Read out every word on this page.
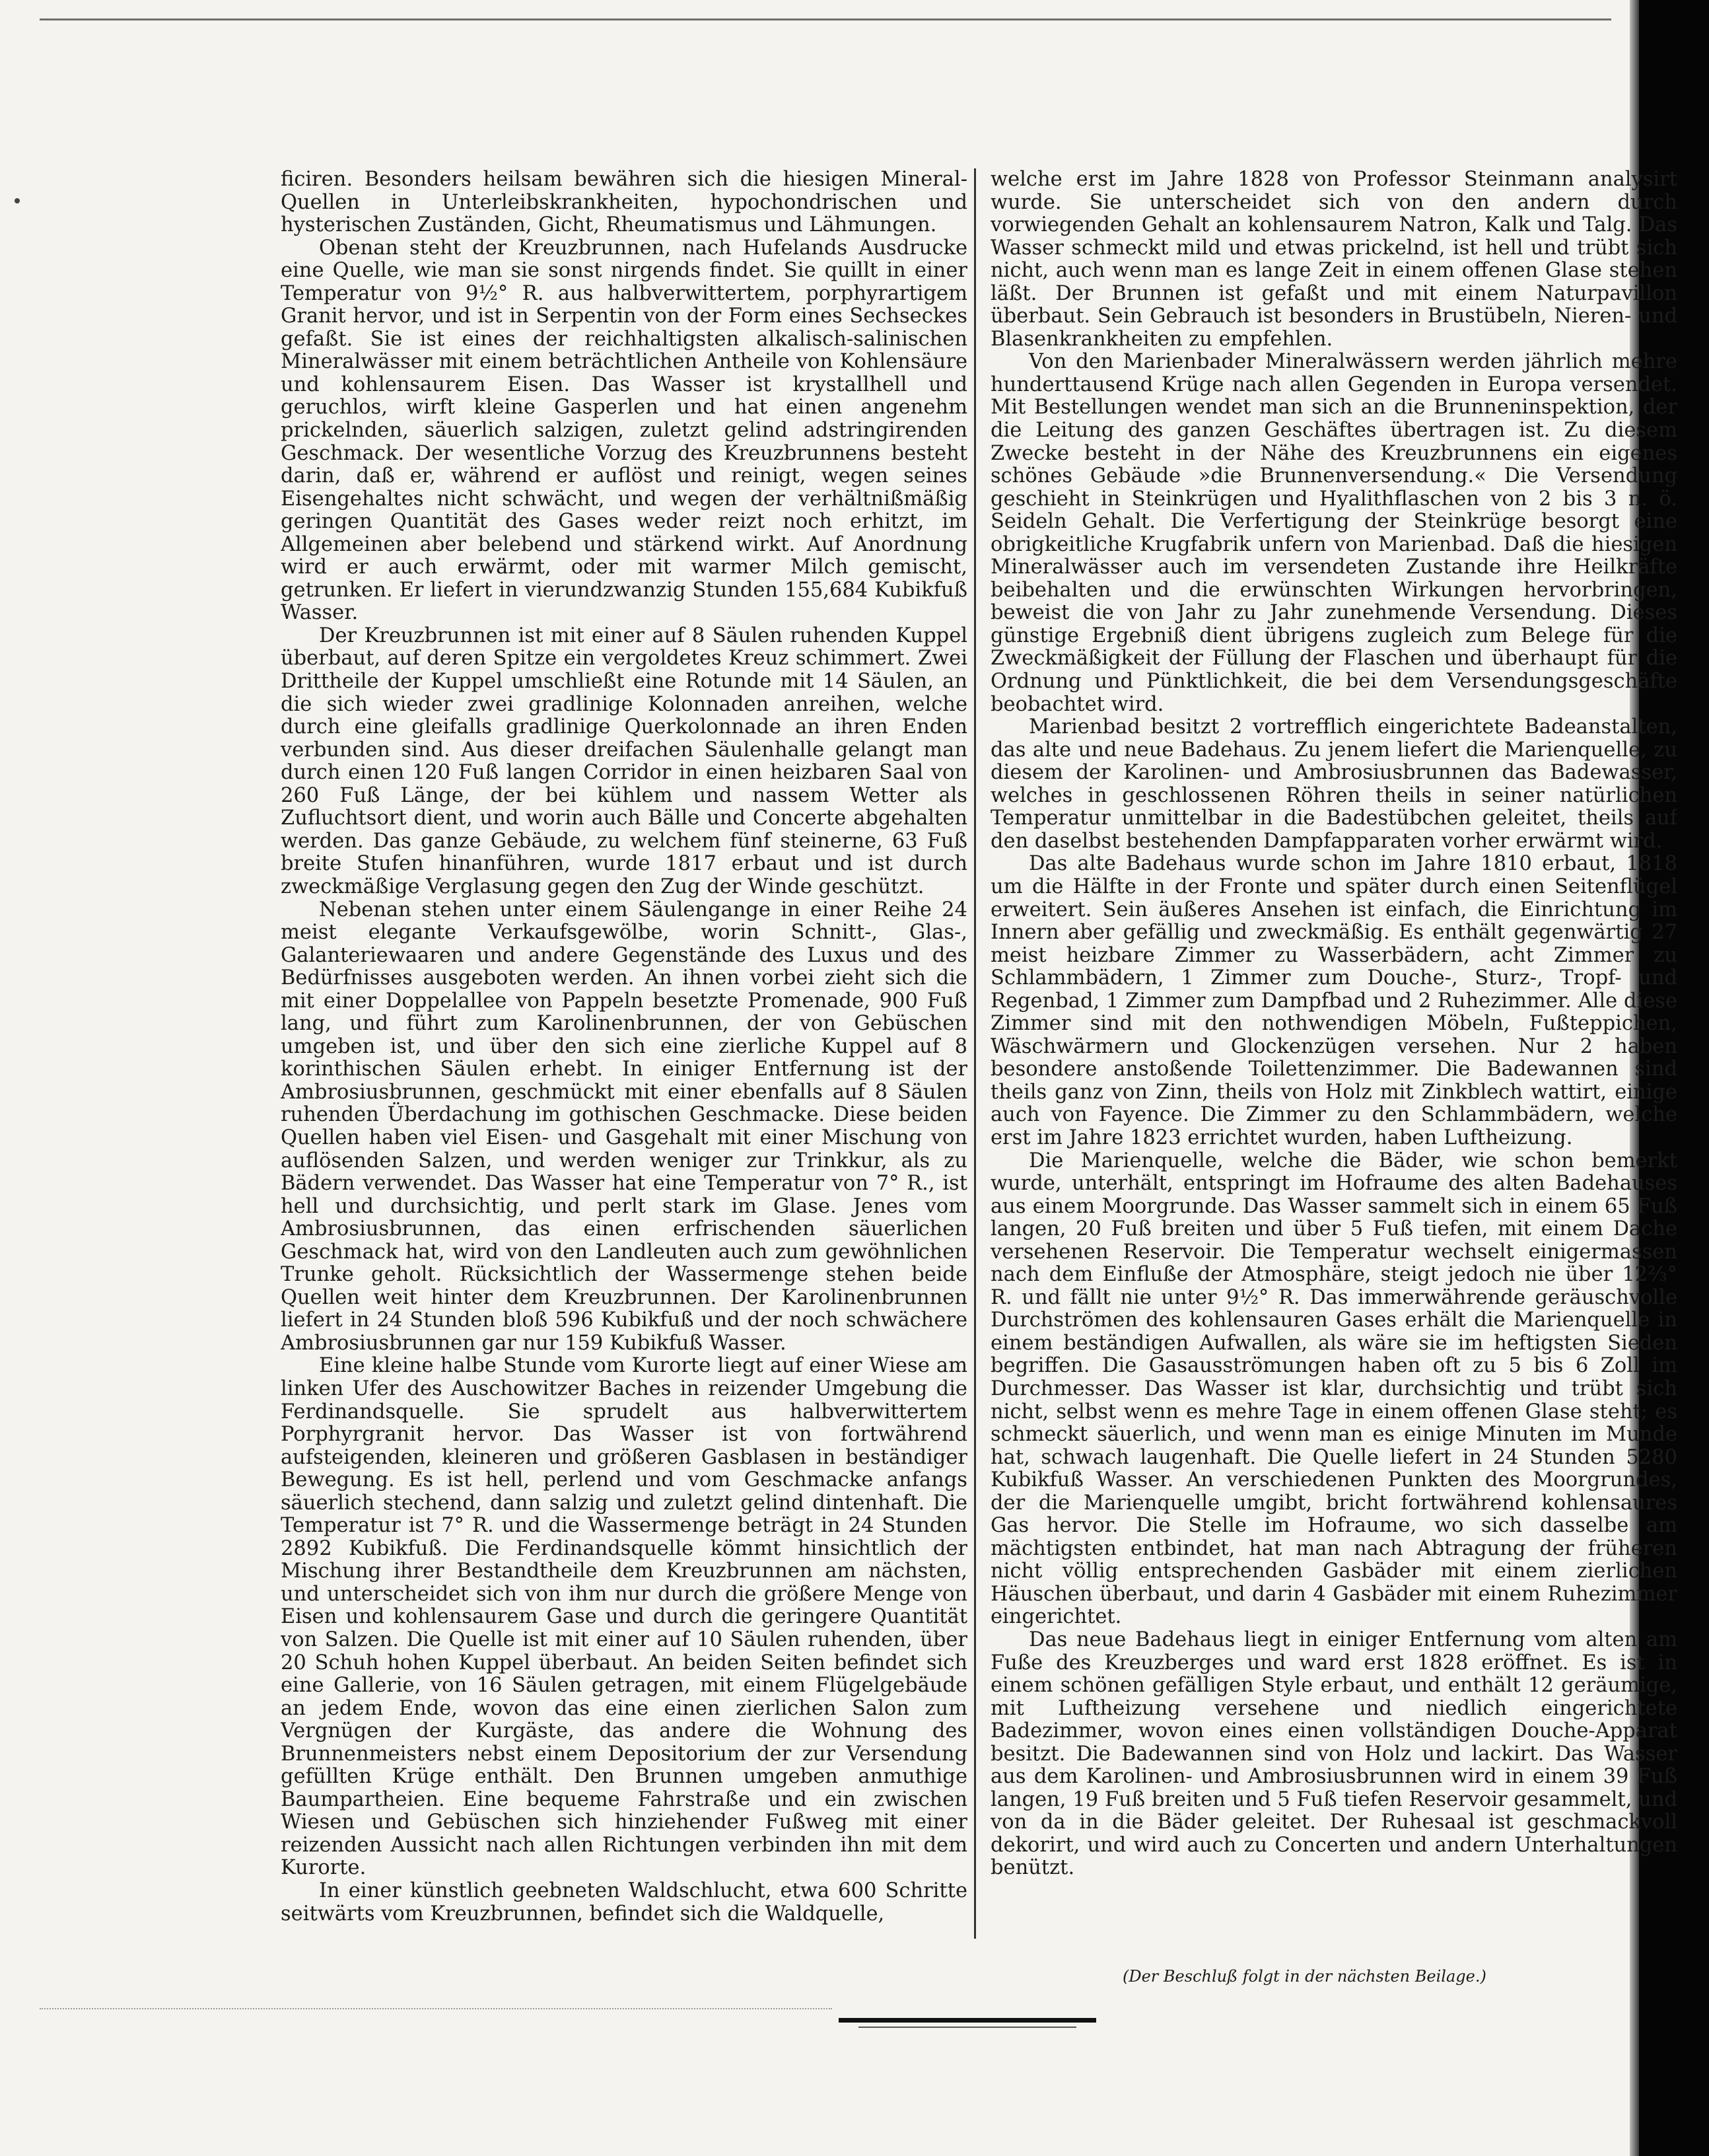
ficiren. Besonders heilsam bewähren sich die hiesigen Mineral-Quellen in Unterleibskrankheiten, hypochondrischen und hysterischen Zuständen, Gicht, Rheumatismus und Lähmungen.

Obenan steht der Kreuzbrunnen, nach Hufelands Ausdrucke eine Quelle, wie man sie sonst nirgends findet. Sie quillt in einer Temperatur von 9½° R. aus halbverwittertem, porphyrartigem Granit hervor, und ist in Serpentin von der Form eines Sechseckes gefaßt. Sie ist eines der reichhaltigsten alkalisch-salinischen Mineralwässer mit einem beträchtlichen Antheile von Kohlensäure und kohlensaurem Eisen. Das Wasser ist krystallhell und geruchlos, wirft kleine Gasperlen und hat einen angenehm prickelnden, säuerlich salzigen, zuletzt gelind adstringirenden Geschmack. Der wesentliche Vorzug des Kreuzbrunnens besteht darin, daß er, während er auflöst und reinigt, wegen seines Eisengehaltes nicht schwächt, und wegen der verhältnißmäßig geringen Quantität des Gases weder reizt noch erhitzt, im Allgemeinen aber belebend und stärkend wirkt. Auf Anordnung wird er auch erwärmt, oder mit warmer Milch gemischt, getrunken. Er liefert in vierundzwanzig Stunden 155,684 Kubikfuß Wasser.

Der Kreuzbrunnen ist mit einer auf 8 Säulen ruhenden Kuppel überbaut, auf deren Spitze ein vergoldetes Kreuz schimmert. Zwei Drittheile der Kuppel umschließt eine Rotunde mit 14 Säulen, an die sich wieder zwei gradlinige Kolonnaden anreihen, welche durch eine gleifalls gradlinige Querkolonnade an ihren Enden verbunden sind. Aus dieser dreifachen Säulenhalle gelangt man durch einen 120 Fuß langen Corridor in einen heizbaren Saal von 260 Fuß Länge, der bei kühlem und nassem Wetter als Zufluchtsort dient, und worin auch Bälle und Concerte abgehalten werden. Das ganze Gebäude, zu welchem fünf steinerne, 63 Fuß breite Stufen hinanführen, wurde 1817 erbaut und ist durch zweckmäßige Verglasung gegen den Zug der Winde geschützt.

Nebenan stehen unter einem Säulengange in einer Reihe 24 meist elegante Verkaufsgewölbe, worin Schnitt-, Glas-, Galanteriewaaren und andere Gegenstände des Luxus und des Bedürfnisses ausgeboten werden. An ihnen vorbei zieht sich die mit einer Doppelallee von Pappeln besetzte Promenade, 900 Fuß lang, und führt zum Karolinenbrunnen, der von Gebüschen umgeben ist, und über den sich eine zierliche Kuppel auf 8 korinthischen Säulen erhebt. In einiger Entfernung ist der Ambrosiusbrunnen, geschmückt mit einer ebenfalls auf 8 Säulen ruhenden Überdachung im gothischen Geschmacke. Diese beiden Quellen haben viel Eisen- und Gasgehalt mit einer Mischung von auflösenden Salzen, und werden weniger zur Trinkkur, als zu Bädern verwendet. Das Wasser hat eine Temperatur von 7° R., ist hell und durchsichtig, und perlt stark im Glase. Jenes vom Ambrosiusbrunnen, das einen erfrischenden säuerlichen Geschmack hat, wird von den Landleuten auch zum gewöhnlichen Trunke geholt. Rücksichtlich der Wassermenge stehen beide Quellen weit hinter dem Kreuzbrunnen. Der Karolinenbrunnen liefert in 24 Stunden bloß 596 Kubikfuß und der noch schwächere Ambrosiusbrunnen gar nur 159 Kubikfuß Wasser.

Eine kleine halbe Stunde vom Kurorte liegt auf einer Wiese am linken Ufer des Auschowitzer Baches in reizender Umgebung die Ferdinandsquelle. Sie sprudelt aus halbverwittertem Porphyrgranit hervor. Das Wasser ist von fortwährend aufsteigenden, kleineren und größeren Gasblasen in beständiger Bewegung. Es ist hell, perlend und vom Geschmacke anfangs säuerlich stechend, dann salzig und zuletzt gelind dintenhaft. Die Temperatur ist 7° R. und die Wassermenge beträgt in 24 Stunden 2892 Kubikfuß. Die Ferdinandsquelle kömmt hinsichtlich der Mischung ihrer Bestandtheile dem Kreuzbrunnen am nächsten, und unterscheidet sich von ihm nur durch die größere Menge von Eisen und kohlensaurem Gase und durch die geringere Quantität von Salzen. Die Quelle ist mit einer auf 10 Säulen ruhenden, über 20 Schuh hohen Kuppel überbaut. An beiden Seiten befindet sich eine Gallerie, von 16 Säulen getragen, mit einem Flügelgebäude an jedem Ende, wovon das eine einen zierlichen Salon zum Vergnügen der Kurgäste, das andere die Wohnung des Brunnenmeisters nebst einem Depositorium der zur Versendung gefüllten Krüge enthält. Den Brunnen umgeben anmuthige Baumpartheien. Eine bequeme Fahrstraße und ein zwischen Wiesen und Gebüschen sich hinziehender Fußweg mit einer reizenden Aussicht nach allen Richtungen verbinden ihn mit dem Kurorte.

In einer künstlich geebneten Waldschlucht, etwa 600 Schritte seitwärts vom Kreuzbrunnen, befindet sich die Waldquelle,

welche erst im Jahre 1828 von Professor Steinmann analysirt wurde. Sie unterscheidet sich von den andern durch vorwiegenden Gehalt an kohlensaurem Natron, Kalk und Talg. Das Wasser schmeckt mild und etwas prickelnd, ist hell und trübt sich nicht, auch wenn man es lange Zeit in einem offenen Glase stehen läßt. Der Brunnen ist gefaßt und mit einem Naturpavillon überbaut. Sein Gebrauch ist besonders in Brustübeln, Nieren- und Blasenkrankheiten zu empfehlen.

Von den Marienbader Mineralwässern werden jährlich mehre hunderttausend Krüge nach allen Gegenden in Europa versendet. Mit Bestellungen wendet man sich an die Brunneninspektion, der die Leitung des ganzen Geschäftes übertragen ist. Zu diesem Zwecke besteht in der Nähe des Kreuzbrunnens ein eigenes schönes Gebäude »die Brunnenversendung.« Die Versendung geschieht in Steinkrügen und Hyalithflaschen von 2 bis 3 n. ö. Seideln Gehalt. Die Verfertigung der Steinkrüge besorgt eine obrigkeitliche Krugfabrik unfern von Marienbad. Daß die hiesigen Mineralwässer auch im versendeten Zustande ihre Heilkräfte beibehalten und die erwünschten Wirkungen hervorbringen, beweist die von Jahr zu Jahr zunehmende Versendung. Dieses günstige Ergebniß dient übrigens zugleich zum Belege für die Zweckmäßigkeit der Füllung der Flaschen und überhaupt für die Ordnung und Pünktlichkeit, die bei dem Versendungsgeschäfte beobachtet wird.

Marienbad besitzt 2 vortrefflich eingerichtete Badeanstalten, das alte und neue Badehaus. Zu jenem liefert die Marienquelle, zu diesem der Karolinen- und Ambrosiusbrunnen das Badewasser, welches in geschlossenen Röhren theils in seiner natürlichen Temperatur unmittelbar in die Badestübchen geleitet, theils auf den daselbst bestehenden Dampfapparaten vorher erwärmt wird.

Das alte Badehaus wurde schon im Jahre 1810 erbaut, 1818 um die Hälfte in der Fronte und später durch einen Seitenflügel erweitert. Sein äußeres Ansehen ist einfach, die Einrichtung im Innern aber gefällig und zweckmäßig. Es enthält gegenwärtig 27 meist heizbare Zimmer zu Wasserbädern, acht Zimmer zu Schlammbädern, 1 Zimmer zum Douche-, Sturz-, Tropf- und Regenbad, 1 Zimmer zum Dampfbad und 2 Ruhezimmer. Alle diese Zimmer sind mit den nothwendigen Möbeln, Fußteppichen, Wäschwärmern und Glockenzügen versehen. Nur 2 haben besondere anstoßende Toilettenzimmer. Die Badewannen sind theils ganz von Zinn, theils von Holz mit Zinkblech wattirt, einige auch von Fayence. Die Zimmer zu den Schlammbädern, welche erst im Jahre 1823 errichtet wurden, haben Luftheizung.

Die Marienquelle, welche die Bäder, wie schon bemerkt wurde, unterhält, entspringt im Hofraume des alten Badehauses aus einem Moorgrunde. Das Wasser sammelt sich in einem 65 Fuß langen, 20 Fuß breiten und über 5 Fuß tiefen, mit einem Dache versehenen Reservoir. Die Temperatur wechselt einigermassen nach dem Einfluße der Atmosphäre, steigt jedoch nie über 12⅔° R. und fällt nie unter 9½° R. Das immerwährende geräuschvolle Durchströmen des kohlensauren Gases erhält die Marienquelle in einem beständigen Aufwallen, als wäre sie im heftigsten Sieden begriffen. Die Gasausströmungen haben oft zu 5 bis 6 Zoll im Durchmesser. Das Wasser ist klar, durchsichtig und trübt sich nicht, selbst wenn es mehre Tage in einem offenen Glase steht; es schmeckt säuerlich, und wenn man es einige Minuten im Munde hat, schwach laugenhaft. Die Quelle liefert in 24 Stunden 5280 Kubikfuß Wasser. An verschiedenen Punkten des Moorgrundes, der die Marienquelle umgibt, bricht fortwährend kohlensaures Gas hervor. Die Stelle im Hofraume, wo sich dasselbe am mächtigsten entbindet, hat man nach Abtragung der früheren nicht völlig entsprechenden Gasbäder mit einem zierlichen Häuschen überbaut, und darin 4 Gasbäder mit einem Ruhezimmer eingerichtet.

Das neue Badehaus liegt in einiger Entfernung vom alten am Fuße des Kreuzberges und ward erst 1828 eröffnet. Es ist in einem schönen gefälligen Style erbaut, und enthält 12 geräumige, mit Luftheizung versehene und niedlich eingerichtete Badezimmer, wovon eines einen vollständigen Douche-Apparat besitzt. Die Badewannen sind von Holz und lackirt. Das Wasser aus dem Karolinen- und Ambrosiusbrunnen wird in einem 39 Fuß langen, 19 Fuß breiten und 5 Fuß tiefen Reservoir gesammelt, und von da in die Bäder geleitet. Der Ruhesaal ist geschmackvoll dekorirt, und wird auch zu Concerten und andern Unterhaltungen benützt.

(Der Beschluß folgt in der nächsten Beilage.)
